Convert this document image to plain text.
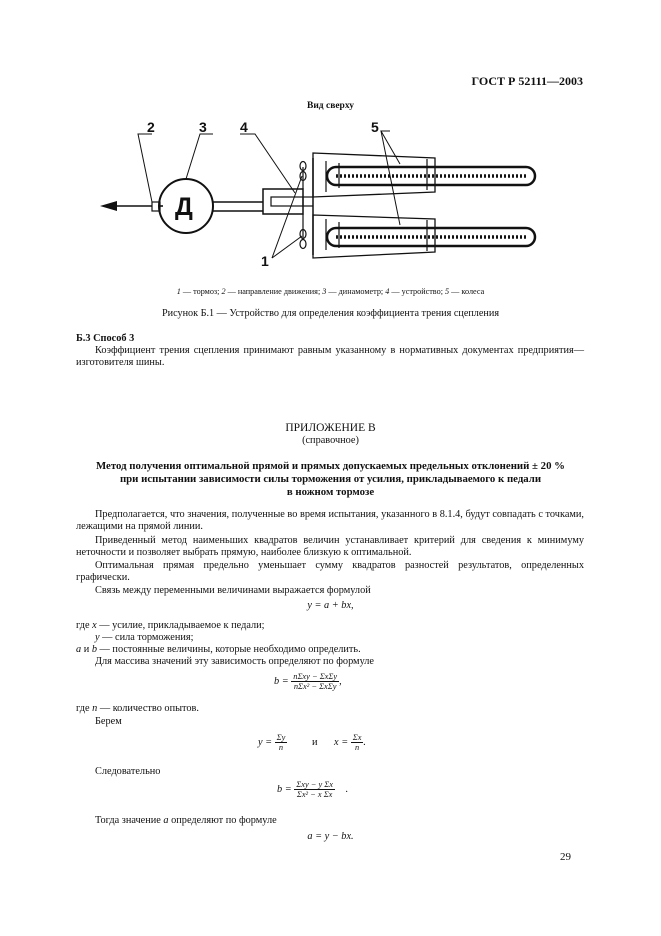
ГОСТ Р 52111—2003
Вид сверху
2	3 4	5
1
Д
1 — тормоз; 2 — направление движения; 3 — динамометр; 4 — устройство; 5 — колеса
Рисунок Б.1 — Устройство для определения коэффициента трения сцепления
Б.3 Способ 3
Коэффициент трения сцепления принимают равным указанному в нормативных документах предприятия—изготовителя шины.
ПРИЛОЖЕНИЕ В
(справочное)
Метод получения оптимальной прямой и прямых допускаемых предельных отклонений ± 20 %
при испытании зависимости силы торможения от усилия, прикладываемого к педали
в ножном тормозе
Предполагается, что значения, полученные во время испытания, указанного в 8.1.4, будут совпадать с точками, лежащими на прямой линии.
Приведенный метод наименьших квадратов величин устанавливает критерий для сведения к минимуму неточности и позволяет выбрать прямую, наиболее близкую к оптимальной.
Оптимальная прямая предельно уменьшает сумму квадратов разностей результатов, определенных графически.
Связь между переменными величинами выражается формулой
y = a + bx,
где x — усилие, прикладываемое к педали;
y — сила торможения;
a и b — постоянные величины, которые необходимо определить.
Для массива значений эту зависимость определяют по формуле
$b = \frac{\text{nΣxy − ΣxΣy}}{\text{nΣx² − ΣxΣy}}$ ,
где n — количество опытов.
Берем
$y = \frac{\Sigma y}{n}$ и $x = \frac{\Sigma x}{n}$ .
Следовательно
$b = \frac{\text{Σxy − y Σx}}{\text{Σx² − x Σx}}$ .
Тогда значение a определяют по формуле
a = y − bx.
29
